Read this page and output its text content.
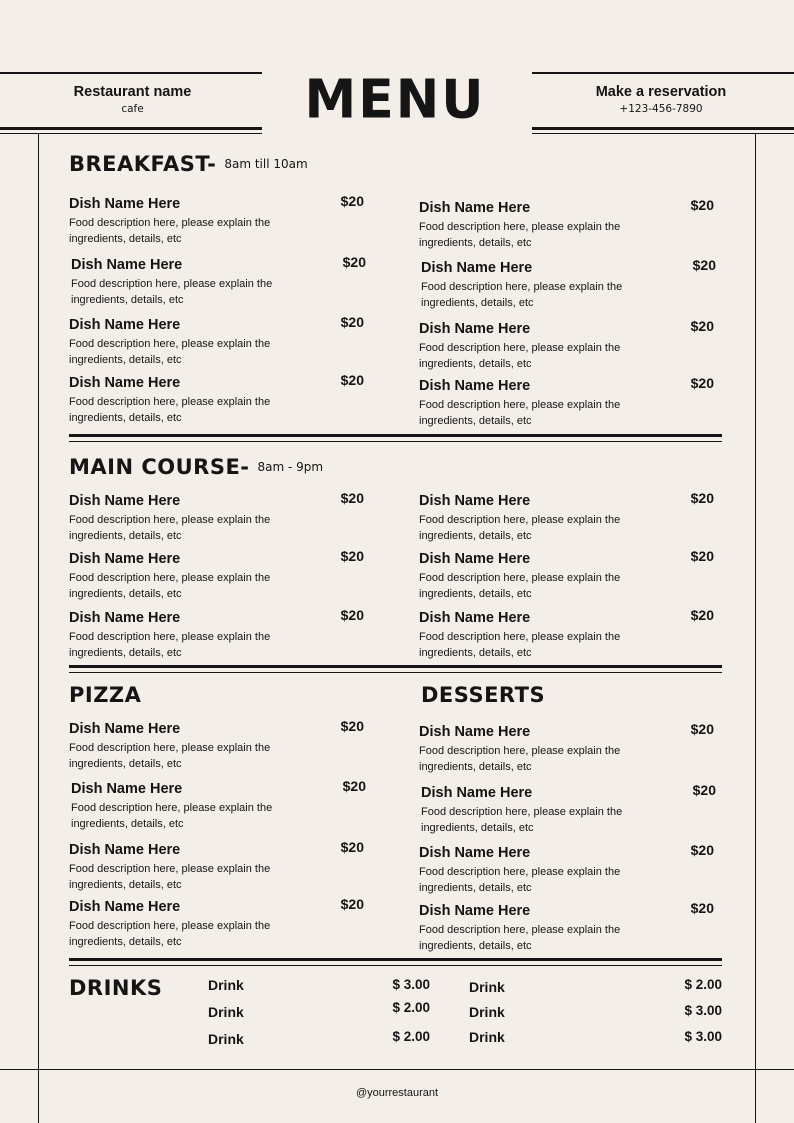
Restaurant name
cafe	MENU	Make a reservation
+123-456-7890
BREAKFAST- 8am till 10am
Dish Name Here	$20
Food description here, please explain the ingredients, details, etc
Dish Name Here	$20
Food description here, please explain the ingredients, details, etc
Dish Name Here	$20
Food description here, please explain the ingredients, details, etc
Dish Name Here	$20
Food description here, please explain the ingredients, details, etc
Dish Name Here	$20
Food description here, please explain the ingredients, details, etc
Dish Name Here	$20
Food description here, please explain the ingredients, details, etc
Dish Name Here	$20
Food description here, please explain the ingredients, details, etc
Dish Name Here	$20
Food description here, please explain the ingredients, details, etc
MAIN COURSE- 8am - 9pm
Dish Name Here	$20
Food description here, please explain the ingredients, details, etc
Dish Name Here	$20
Food description here, please explain the ingredients, details, etc
Dish Name Here	$20
Food description here, please explain the ingredients, details, etc
Dish Name Here	$20
Food description here, please explain the ingredients, details, etc
Dish Name Here	$20
Food description here, please explain the ingredients, details, etc
Dish Name Here	$20
Food description here, please explain the ingredients, details, etc
PIZZA
Dish Name Here	$20
Food description here, please explain the ingredients, details, etc
Dish Name Here	$20
Food description here, please explain the ingredients, details, etc
Dish Name Here	$20
Food description here, please explain the ingredients, details, etc
Dish Name Here	$20
Food description here, please explain the ingredients, details, etc
DESSERTS
Dish Name Here	$20
Food description here, please explain the ingredients, details, etc
Dish Name Here	$20
Food description here, please explain the ingredients, details, etc
Dish Name Here	$20
Food description here, please explain the ingredients, details, etc
Dish Name Here	$20
Food description here, please explain the ingredients, details, etc
DRINKS	Drink	$ 3.00
Drink	$ 2.00
Drink	$ 2.00
Drink	$ 2.00
Drink	$ 3.00
Drink	$ 3.00
@yourrestaurant
